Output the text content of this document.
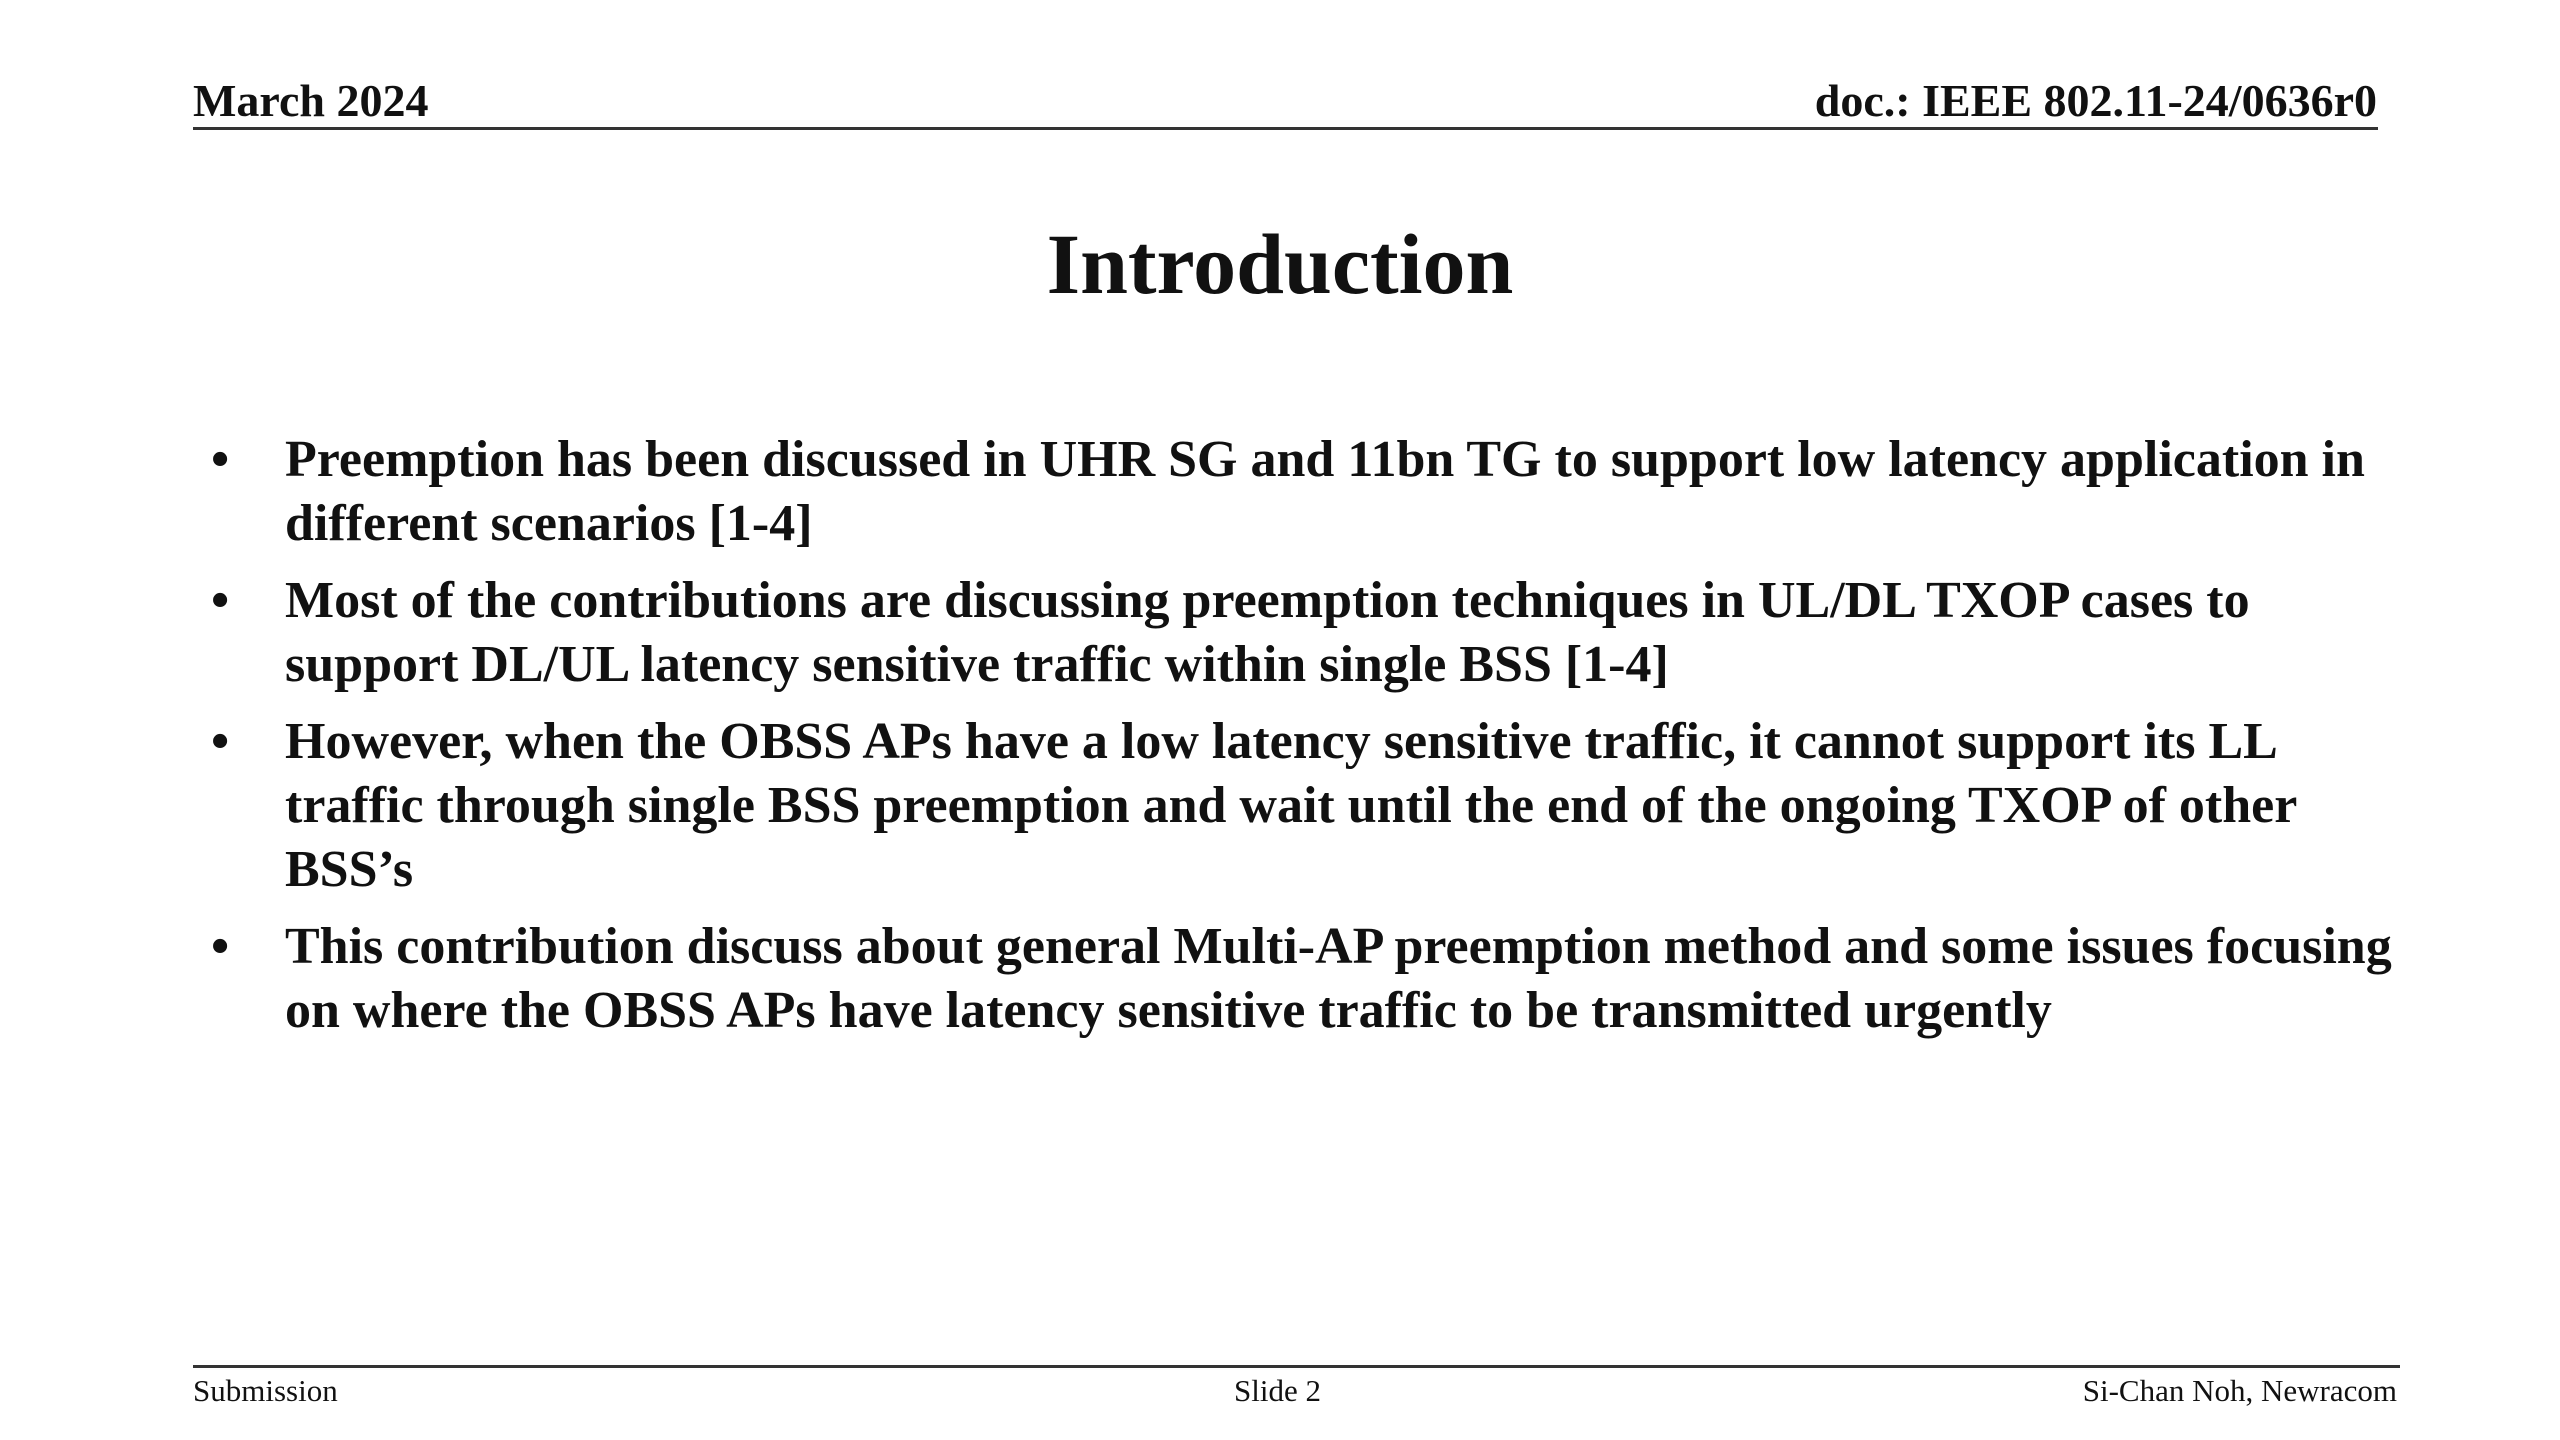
March 2024	doc.: IEEE 802.11-24/0636r0
Introduction
• Preemption has been discussed in UHR SG and 11bn TG to support low latency application in different scenarios [1-4]
• Most of the contributions are discussing preemption techniques in UL/DL TXOP cases to support DL/UL latency sensitive traffic within single BSS [1-4]
• However, when the OBSS APs have a low latency sensitive traffic, it cannot support its LL traffic through single BSS preemption and wait until the end of the ongoing TXOP of other BSS’s
• This contribution discuss about general Multi-AP preemption method and some issues focusing on where the OBSS APs have latency sensitive traffic to be transmitted urgently
Submission	Slide 2	Si-Chan Noh, Newracom
